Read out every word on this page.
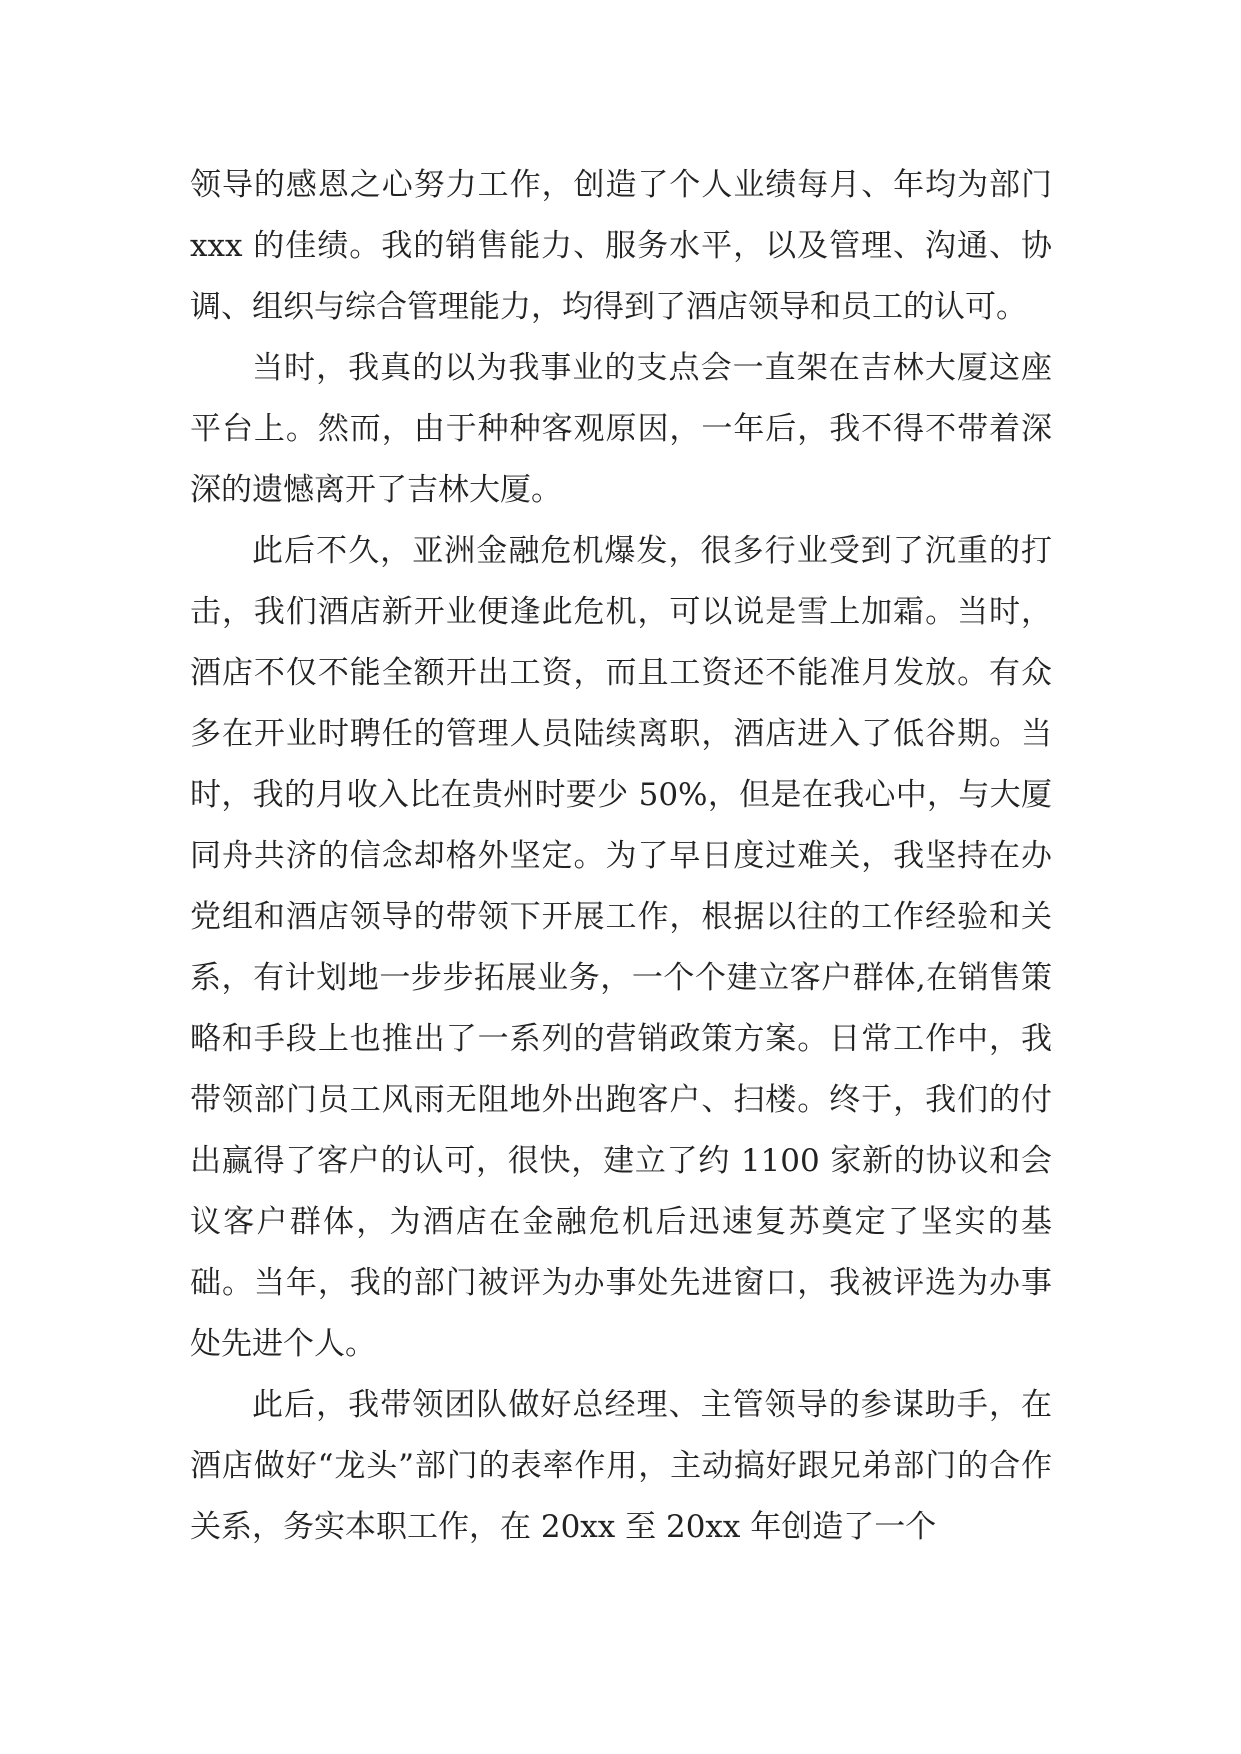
领导的感恩之心努力工作，创造了个人业绩每月、年均为部门 xxx 的佳绩。我的销售能力、服务水平，以及管理、沟通、协调、组织与综合管理能力，均得到了酒店领导和员工的认可。

当时，我真的以为我事业的支点会一直架在吉林大厦这座平台上。然而，由于种种客观原因，一年后，我不得不带着深深的遗憾离开了吉林大厦。

此后不久，亚洲金融危机爆发，很多行业受到了沉重的打击，我们酒店新开业便逢此危机，可以说是雪上加霜。当时，酒店不仅不能全额开出工资，而且工资还不能准月发放。有众多在开业时聘任的管理人员陆续离职，酒店进入了低谷期。当时，我的月收入比在贵州时要少 50%，但是在我心中，与大厦同舟共济的信念却格外坚定。为了早日度过难关，我坚持在办党组和酒店领导的带领下开展工作，根据以往的工作经验和关系，有计划地一步步拓展业务，一个个建立客户群体,在销售策略和手段上也推出了一系列的营销政策方案。日常工作中，我带领部门员工风雨无阻地外出跑客户、扫楼。终于，我们的付出赢得了客户的认可，很快，建立了约 1100 家新的协议和会议客户群体，为酒店在金融危机后迅速复苏奠定了坚实的基础。当年，我的部门被评为办事处先进窗口，我被评选为办事处先进个人。

此后，我带领团队做好总经理、主管领导的参谋助手，在酒店做好“龙头”部门的表率作用，主动搞好跟兄弟部门的合作关系，务实本职工作，在 20xx 至 20xx 年创造了一个
